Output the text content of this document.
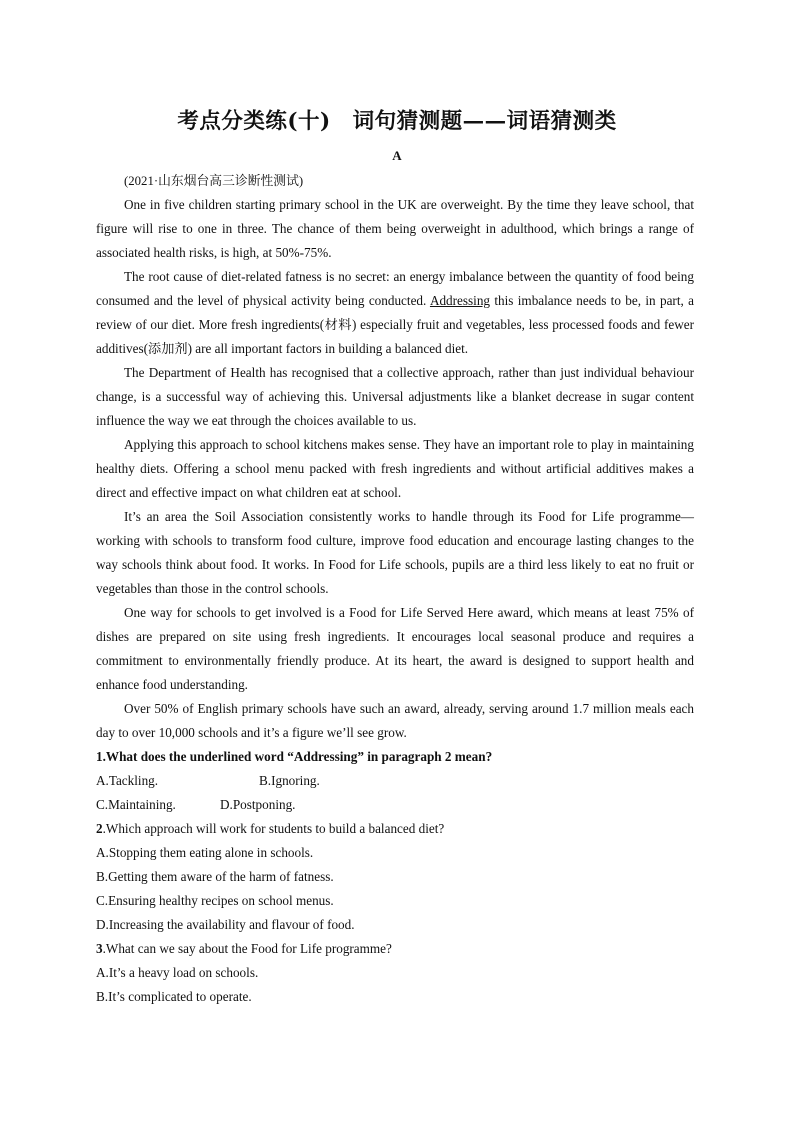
考点分类练(十)　词句猜测题——词语猜测类
A

(2021·山东烟台高三诊断性测试)

One in five children starting primary school in the UK are overweight. By the time they leave school, that figure will rise to one in three. The chance of them being overweight in adulthood, which brings a range of associated health risks, is high, at 50%-75%.

The root cause of diet-related fatness is no secret: an energy imbalance between the quantity of food being consumed and the level of physical activity being conducted. Addressing this imbalance needs to be, in part, a review of our diet. More fresh ingredients(材料) especially fruit and vegetables, less processed foods and fewer additives(添加剂) are all important factors in building a balanced diet.

The Department of Health has recognised that a collective approach, rather than just individual behaviour change, is a successful way of achieving this. Universal adjustments like a blanket decrease in sugar content influence the way we eat through the choices available to us.

Applying this approach to school kitchens makes sense. They have an important role to play in maintaining healthy diets. Offering a school menu packed with fresh ingredients and without artificial additives makes a direct and effective impact on what children eat at school.

It’s an area the Soil Association consistently works to handle through its Food for Life programme—working with schools to transform food culture, improve food education and encourage lasting changes to the way schools think about food. It works. In Food for Life schools, pupils are a third less likely to eat no fruit or vegetables than those in the control schools.

One way for schools to get involved is a Food for Life Served Here award, which means at least 75% of dishes are prepared on site using fresh ingredients. It encourages local seasonal produce and requires a commitment to environmentally friendly produce. At its heart, the award is designed to support health and enhance food understanding.

Over 50% of English primary schools have such an award, already, serving around 1.7 million meals each day to over 10,000 schools and it’s a figure we’ll see grow.

1.What does the underlined word “Addressing” in paragraph 2 mean?

A.Tackling.	B.Ignoring.

C.Maintaining.	D.Postponing.

2.Which approach will work for students to build a balanced diet?

A.Stopping them eating alone in schools.

B.Getting them aware of the harm of fatness.

C.Ensuring healthy recipes on school menus.

D.Increasing the availability and flavour of food.

3.What can we say about the Food for Life programme?

A.It’s a heavy load on schools.

B.It’s complicated to operate.
